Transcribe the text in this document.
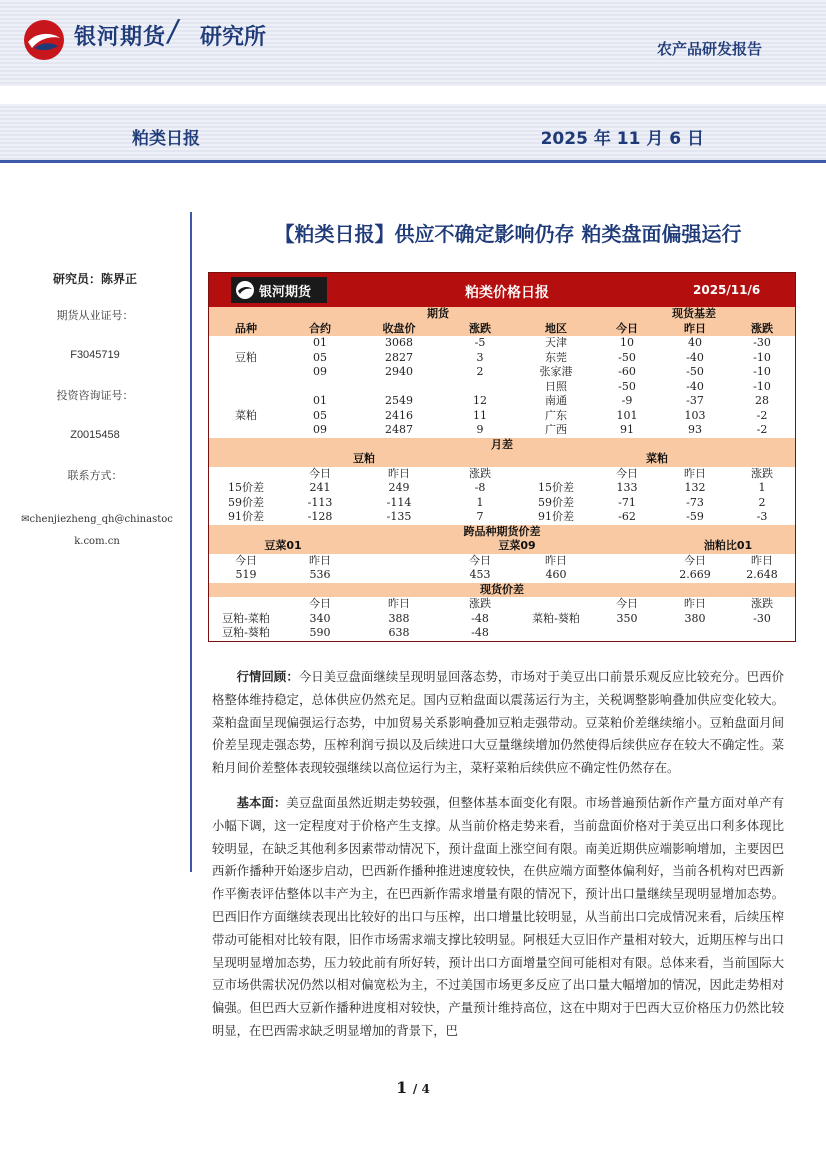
银河期货
/ 研究所	农产品研发报告
粕类日报	2025 年 11 月 6 日
【粕类日报】供应不确定影响仍存 粕类盘面偏强运行
研究员：陈界正
期货从业证号：
F3045719
投资咨询证号：
Z0015458
联系方式：
✉chenjiezheng_qh@chinastock.com.cn
银河期货	粕类价格日报	2025/11/6
		期货			现货基差		
品种	合约	收盘价	涨跌	地区	今日	昨日	涨跌
	01	3068	-5	天津	10	40	-30
豆粕	05	2827	3	东莞	-50	-40	-10
	09	2940	2	张家港	-60	-50	-10
				日照	-50	-40	-10
	01	2549	12	南通	-9	-37	28
菜粕	05	2416	11	广东	101	103	-2
	09	2487	9	广西	91	93	-2
月差							
豆粕				菜粕			
	今日	昨日	涨跌		今日	昨日	涨跌
15价差	241	249	-8	15价差	133	132	1
59价差	-113	-114	1	59价差	-71	-73	2
91价差	-128	-135	7	91价差	-62	-59	-3
跨品种期货价差							
豆菜01			豆菜09			油粕比01	
今日	昨日		今日	昨日		今日	昨日
519	536		453	460		2.669	2.648
现货价差							
	今日	昨日	涨跌		今日	昨日	涨跌
豆粕-菜粕	340	388	-48	菜粕-葵粕	350	380	-30
豆粕-葵粕	590	638	-48				

行情回顾：今日美豆盘面继续呈现明显回落态势，市场对于美豆出口前景乐观反应比较充分。巴西价格整体维持稳定，总体供应仍然充足。国内豆粕盘面以震荡运行为主，关税调整影响叠加供应变化较大。菜粕盘面呈现偏强运行态势，中加贸易关系影响叠加豆粕走强带动。豆菜粕价差继续缩小。豆粕盘面月间价差呈现走强态势，压榨利润亏损以及后续进口大豆量继续增加仍然使得后续供应存在较大不确定性。菜粕月间价差整体表现较强继续以高位运行为主，菜籽菜粕后续供应不确定性仍然存在。

基本面：美豆盘面虽然近期走势较强，但整体基本面变化有限。市场普遍预估新作产量方面对单产有小幅下调，这一定程度对于价格产生支撑。从当前价格走势来看，当前盘面价格对于美豆出口利多体现比较明显，在缺乏其他利多因素带动情况下，预计盘面上涨空间有限。南美近期供应端影响增加，主要因巴西新作播种开始逐步启动，巴西新作播种推进速度较快，在供应端方面整体偏利好，当前各机构对巴西新作平衡表评估整体以丰产为主，在巴西新作需求增量有限的情况下，预计出口量继续呈现明显增加态势。巴西旧作方面继续表现出比较好的出口与压榨，出口增量比较明显，从当前出口完成情况来看，后续压榨带动可能相对比较有限，旧作市场需求端支撑比较明显。阿根廷大豆旧作产量相对较大，近期压榨与出口呈现明显增加态势，压力较此前有所好转，预计出口方面增量空间可能相对有限。总体来看，当前国际大豆市场供需状况仍然以相对偏宽松为主，不过美国市场更多反应了出口量大幅增加的情况，因此走势相对偏强。但巴西大豆新作播种进度相对较快，产量预计维持高位，这在中期对于巴西大豆价格压力仍然比较明显，在巴西需求缺乏明显增加的背景下，巴

1 / 4
